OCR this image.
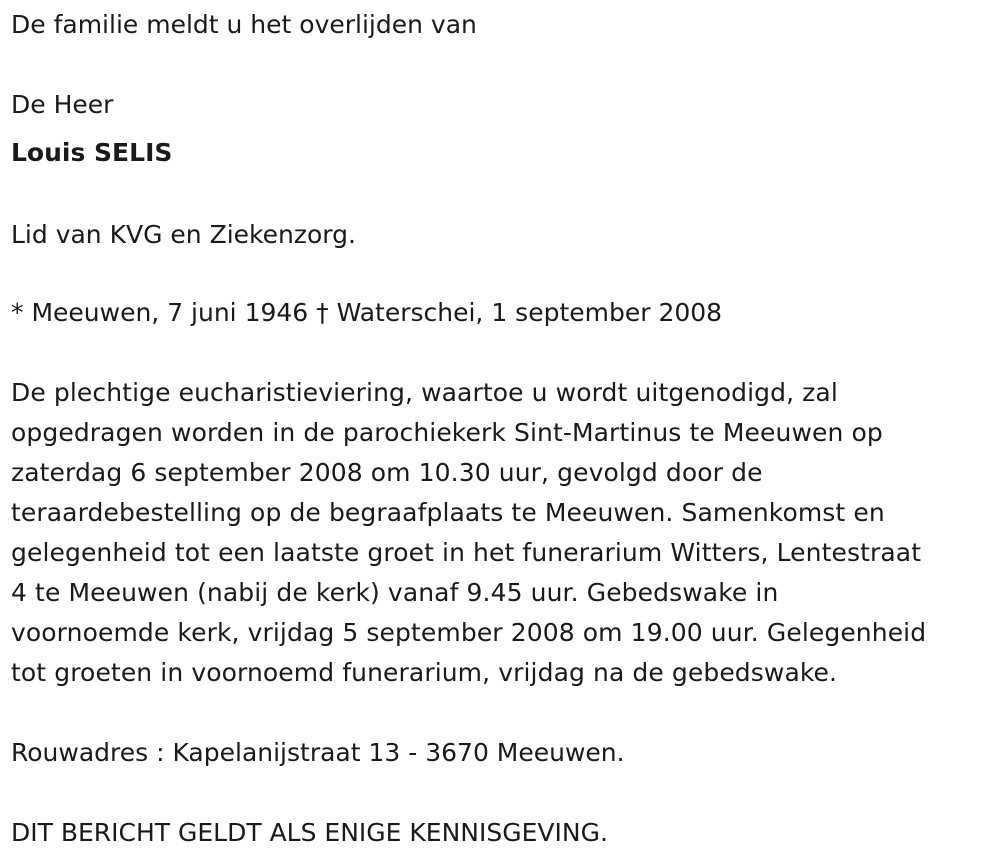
De familie meldt u het overlijden van
De Heer
Louis SELIS
Lid van KVG en Ziekenzorg.
* Meeuwen, 7 juni 1946 † Waterschei, 1 september 2008
De plechtige eucharistieviering, waartoe u wordt uitgenodigd, zal
opgedragen worden in de parochiekerk Sint-Martinus te Meeuwen op
zaterdag 6 september 2008 om 10.30 uur, gevolgd door de
teraardebestelling op de begraafplaats te Meeuwen. Samenkomst en
gelegenheid tot een laatste groet in het funerarium Witters, Lentestraat
4 te Meeuwen (nabij de kerk) vanaf 9.45 uur. Gebedswake in
voornoemde kerk, vrijdag 5 september 2008 om 19.00 uur. Gelegenheid
tot groeten in voornoemd funerarium, vrijdag na de gebedswake.
Rouwadres : Kapelanijstraat 13 - 3670 Meeuwen.
DIT BERICHT GELDT ALS ENIGE KENNISGEVING.
